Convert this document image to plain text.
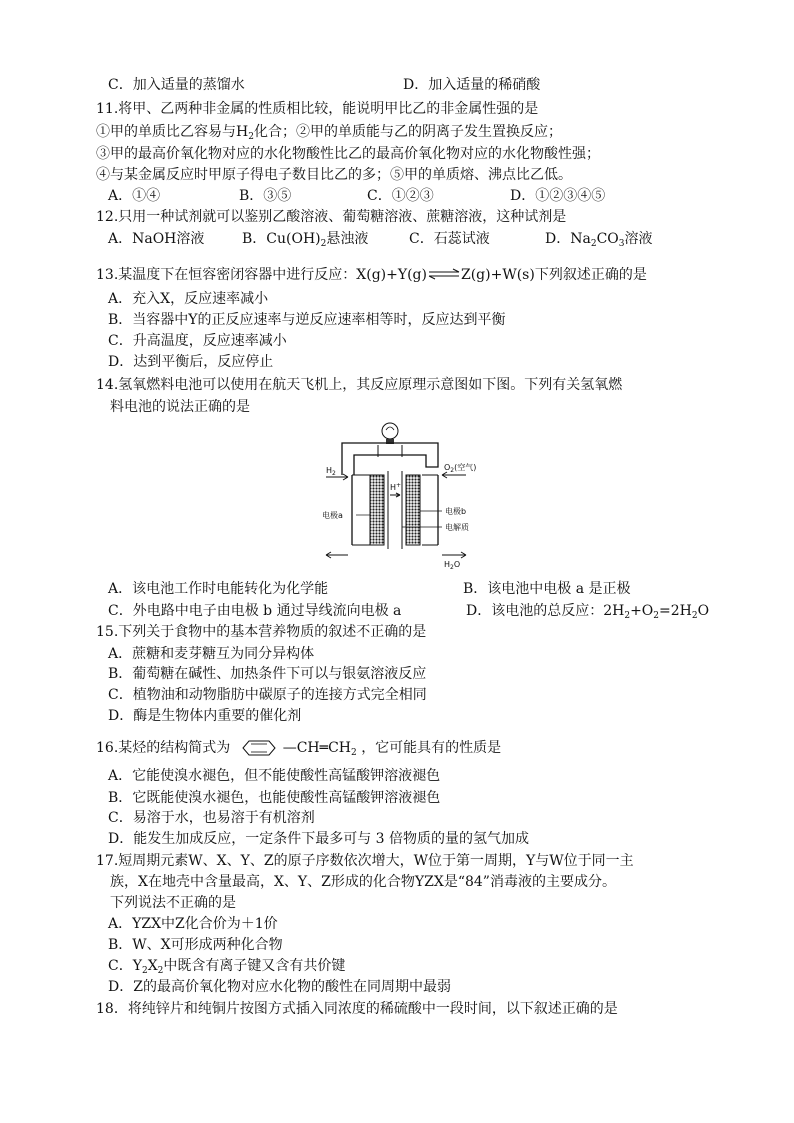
C．加入适量的蒸馏水	D．加入适量的稀硝酸
11.将甲、乙两种非金属的性质相比较，能说明甲比乙的非金属性强的是
①甲的单质比乙容易与$H_2$化合；②甲的单质能与乙的阴离子发生置换反应；
③甲的最高价氧化物对应的水化物酸性比乙的最高价氧化物对应的水化物酸性强；
④与某金属反应时甲原子得电子数目比乙的多；⑤甲的单质熔、沸点比乙低。
A．①④	B．③⑤	C．①②③	D．①②③④⑤
12.只用一种试剂就可以鉴别乙酸溶液、葡萄糖溶液、蔗糖溶液，这种试剂是
A．NaOH溶液	B．$Cu(OH)_2$悬浊液	C．石蕊试液	D．$Na_2CO_3$溶液
13.某温度下在恒容密闭容器中进行反应：X(g)+Y(g)⇌Z(g)+W(s)下列叙述正确的是
A．充入X，反应速率减小
B．当容器中Y的正反应速率与逆反应速率相等时，反应达到平衡
C．升高温度，反应速率减小
D．达到平衡后，反应停止
14.氢氧燃料电池可以使用在航天飞机上，其反应原理示意图如下图。下列有关氢氧燃
料电池的说法正确的是
$H_2$
$O_2$(空气)
H+
电极a	电极b
电解质
$H_2O$
A．该电池工作时电能转化为化学能	B．该电池中电极 a 是正极
C．外电路中电子由电极 b 通过导线流向电极 a	D．该电池的总反应：$2H_2+O_2=2H_2O$
15.下列关于食物中的基本营养物质的叙述不正确的是
A．蔗糖和麦芽糖互为同分异构体
B．葡萄糖在碱性、加热条件下可以与银氨溶液反应
C．植物油和动物脂肪中碳原子的连接方式完全相同
D．酶是生物体内重要的催化剂
16.某烃的结构简式为	$—CH═CH_2$ ，它可能具有的性质是
A．它能使溴水褪色，但不能使酸性高锰酸钾溶液褪色
B．它既能使溴水褪色，也能使酸性高锰酸钾溶液褪色
C．易溶于水，也易溶于有机溶剂
D．能发生加成反应，一定条件下最多可与 3 倍物质的量的氢气加成
17.短周期元素W、X、Y、Z的原子序数依次增大，W位于第一周期，Y与W位于同一主
族，X在地壳中含量最高，X、Y、Z形成的化合物YZX是“84”消毒液的主要成分。
下列说法不正确的是
A．YZX中Z化合价为＋1价
B．W、X可形成两种化合物
C．$Y_2X_2$中既含有离子键又含有共价键
D．Z的最高价氧化物对应水化物的酸性在同周期中最弱
18．将纯锌片和纯铜片按图方式插入同浓度的稀硫酸中一段时间，以下叙述正确的是
